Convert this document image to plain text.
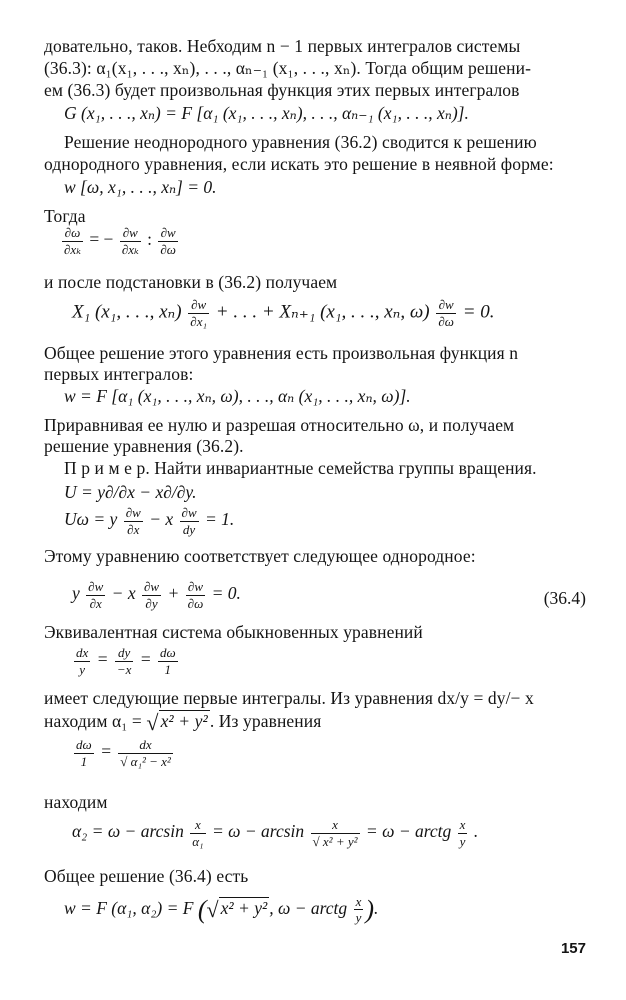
довательно, таков. Небходим n − 1 первых интегралов системы
(36.3): α₁(x₁, . . ., xₙ), . . ., αₙ₋₁ (x₁, . . ., xₙ). Тогда общим решени-
ем (36.3) будет произвольная функция этих первых интегралов
G (x₁, . . ., xₙ) = F [α₁ (x₁, . . ., xₙ), . . ., αₙ₋₁ (x₁, . . ., xₙ)].
Решение неоднородного уравнения (36.2) сводится к решению
однородного уравнения, если искать это решение в неявной форме:
w [ω, x₁, . . ., xₙ] = 0.
Тогда
$\frac{\partial\omega}{\text{∂xₖ}}$ = − $\frac{\partial w}{\text{∂xₖ}}$ : $\frac{\partial w}{\partial\omega}$
и после подстановки в (36.2) получаем
X₁ (x₁, . . ., $x_n) \frac{\partial w}{\text{∂x₁}}$ + . . . + Xₙ₊₁ (x₁, . . ., xₙ, $\omega) \frac{\partial w}{\partial\omega} = 0$.
Общее решение этого уравнения есть произвольная функция n
первых интегралов:
w = F [α₁ (x₁, . . ., xₙ, ω), . . ., αₙ (x₁, . . ., xₙ, ω)].
Приравнивая ее нулю и разрешая относительно ω, и получаем
решение уравнения (36.2).
П р и м е р. Найти инвариантные семейства группы вращения.
U = y∂/∂x − x∂/∂y.
Uω = y $\frac{\partial w}{\partial x} - x \frac{\partial w}{dy} = 1$.
Этому уравнению соответствует следующее однородное:
y $\frac{\partial w}{\partial x} - x \frac{\partial w}{\partial y} + \frac{\partial w}{\partial\omega} = 0$.	(36.4)
Эквивалентная система обыкновенных уравнений
$\frac{dx}{y} = \frac{dy}{-x} = \frac{d\omega}{1}$
имеет следующие первые интегралы. Из уравнения dx/y = dy/− x
находим α₁ = √ x² + y² . Из уравнения
$\frac{d\omega}{1} = \frac{dx}{\text{√ α₁² − x²}}$
находим
$\alpha_2 = \omega - \arcsin \frac{x}{\text{α₁}} = \omega - \arcsin \frac{x}{\text{√ x² + y²}} = \omega$ − arctg $\frac{x}{y}$ .
Общее решение (36.4) есть
w = F (α₁, α₂) = F (√ x² + y² , ω − arctg $\frac{x}{y}$ ).
157
